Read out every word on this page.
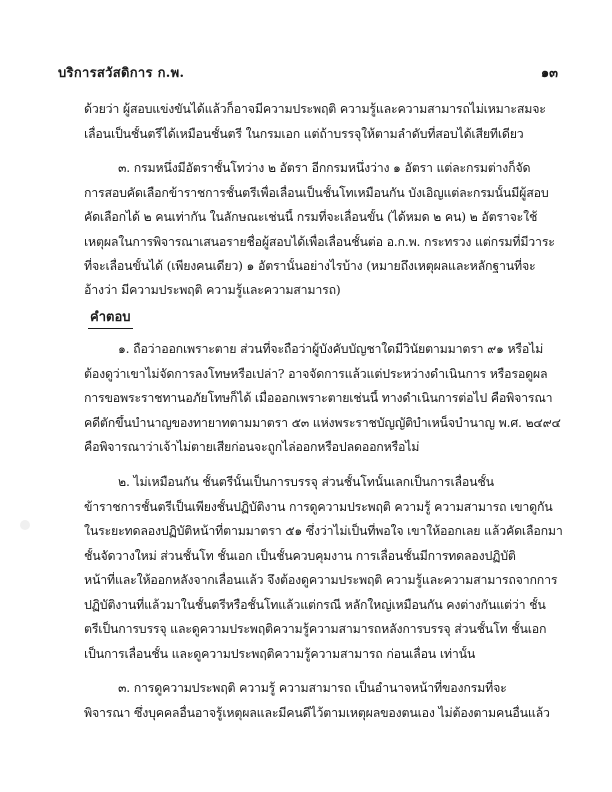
บริการสวัสดิการ ก.พ.	๑๓
ด้วยว่า ผู้สอบแข่งขันได้แล้วก็อาจมีความประพฤติ ความรู้และความสามารถไม่เหมาะสมจะ
เลื่อนเป็นชั้นตรีได้เหมือนชั้นตรี ในกรมเอก แต่ถ้าบรรจุให้ตามลำดับที่สอบได้เสียทีเดียว
๓. กรมหนึ่งมีอัตราชั้นโทว่าง ๒ อัตรา อีกกรมหนึ่งว่าง ๑ อัตรา แต่ละกรมต่างก็จัด
การสอบคัดเลือกข้าราชการชั้นตรีเพื่อเลื่อนเป็นชั้นโทเหมือนกัน บังเอิญแต่ละกรมนั้นมีผู้สอบ
คัดเลือกได้ ๒ คนเท่ากัน ในลักษณะเช่นนี้ กรมที่จะเลื่อนขั้น (ได้หมด ๒ คน) ๒ อัตราจะใช้
เหตุผลในการพิจารณาเสนอรายชื่อผู้สอบได้เพื่อเลื่อนชั้นต่อ อ.ก.พ. กระทรวง แต่กรมที่มีวาระ
ที่จะเลื่อนขั้นได้ (เพียงคนเดียว) ๑ อัตรานั้นอย่างไรบ้าง (หมายถึงเหตุผลและหลักฐานที่จะ
อ้างว่า มีความประพฤติ ความรู้และความสามารถ)
คำตอบ
๑. ถือว่าออกเพราะตาย ส่วนที่จะถือว่าผู้บังคับบัญชาใดมีวินัยตามมาตรา ๙๑ หรือไม่
ต้องดูว่าเขาไม่จัดการลงโทษหรือเปล่า? อาจจัดการแล้วแต่ประหว่างดำเนินการ หรือรอดูผล
การขอพระราชทานอภัยโทษก็ได้ เมื่อออกเพราะตายเช่นนี้ ทางดำเนินการต่อไป คือพิจารณา
คดีตักขึ้นบำนาญของทายาทตามมาตรา ๕๓ แห่งพระราชบัญญัติบำเหน็จบำนาญ พ.ศ. ๒๔๙๔
คือพิจารณาว่าเจ้าไม่ตายเสียก่อนจะถูกไล่ออกหรือปลดออกหรือไม่
๒. ไม่เหมือนกัน ชั้นตรีนั้นเป็นการบรรจุ ส่วนชั้นโทนั้นเลกเป็นการเลื่อนชั้น
ข้าราชการชั้นตรีเป็นเพียงชั้นปฏิบัติงาน การดูความประพฤติ ความรู้ ความสามารถ เขาดูกัน
ในระยะทดลองปฏิบัติหน้าที่ตามมาตรา ๕๑ ซึ่งว่าไม่เป็นที่พอใจ เขาให้ออกเลย แล้วคัดเลือกมา
ชั้นจัดวางใหม่ ส่วนชั้นโท ชั้นเอก เป็นชั้นควบคุมงาน การเลื่อนชั้นมีการทดลองปฏิบัติ
หน้าที่และให้ออกหลังจากเลื่อนแล้ว จึงต้องดูความประพฤติ ความรู้และความสามารถจากการ
ปฏิบัติงานที่แล้วมาในชั้นตรีหรือชั้นโทแล้วแต่กรณี หลักใหญ่เหมือนกัน คงต่างกันแต่ว่า ชั้น
ตรีเป็นการบรรจุ และดูความประพฤติความรู้ความสามารถหลังการบรรจุ ส่วนชั้นโท ชั้นเอก
เป็นการเลื่อนชั้น และดูความประพฤติความรู้ความสามารถ ก่อนเลื่อน เท่านั้น
๓. การดูความประพฤติ ความรู้ ความสามารถ เป็นอำนาจหน้าที่ของกรมที่จะ
พิจารณา ซึ่งบุคคลอื่นอาจรู้เหตุผลและมีคนดีไว้ตามเหตุผลของตนเอง ไม่ต้องตามคนอื่นแล้ว
